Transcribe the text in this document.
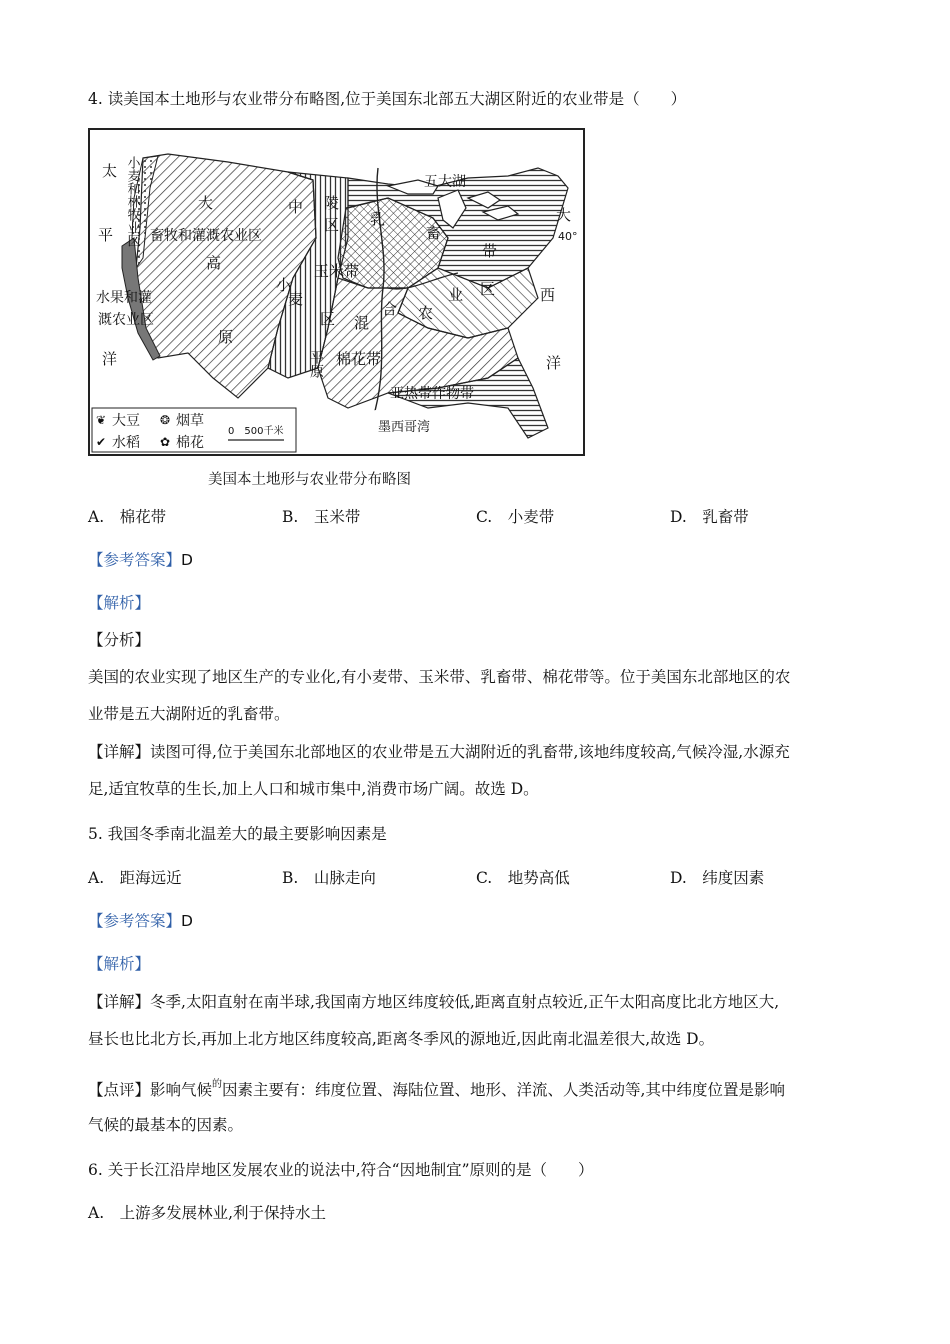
4. 读美国本土地形与农业带分布略图,位于美国东北部五大湖区附近的农业带是（　　）
太
平
洋
大
西
洋
小麦和林牧业区	五大湖
40°
大	中
畜牧和灌溉农业区
高
原
水果和灌
溉农业区
乳
畜
业 区
带
玉米带
小
麦
区 混
合 农
棉花带
平原
亚热带作物带
墨西哥湾
陵
区
❦ 大豆 ❂ 烟草
✔ 水稻 ✿ 棉花
0　500千米
美国本土地形与农业带分布略图
A.　棉花带	B.　玉米带	C.　小麦带	D.　乳畜带
【参考答案】D
【解析】
【分析】
美国的农业实现了地区生产的专业化,有小麦带、玉米带、乳畜带、棉花带等。位于美国东北部地区的农
业带是五大湖附近的乳畜带。
【详解】读图可得,位于美国东北部地区的农业带是五大湖附近的乳畜带,该地纬度较高,气候冷湿,水源充
足,适宜牧草的生长,加上人口和城市集中,消费市场广阔。故选 D。
5. 我国冬季南北温差大的最主要影响因素是
A.　距海远近	B.　山脉走向	C.　地势高低	D.　纬度因素
【参考答案】D
【解析】
【详解】冬季,太阳直射在南半球,我国南方地区纬度较低,距离直射点较近,正午太阳高度比北方地区大,
昼长也比北方长,再加上北方地区纬度较高,距离冬季风的源地近,因此南北温差很大,故选 D。
【点评】影响气候$^的$因素主要有：纬度位置、海陆位置、地形、洋流、人类活动等,其中纬度位置是影响
气候的最基本的因素。
6. 关于长江沿岸地区发展农业的说法中,符合“因地制宜”原则的是（　　）
A.　上游多发展林业,利于保持水土
